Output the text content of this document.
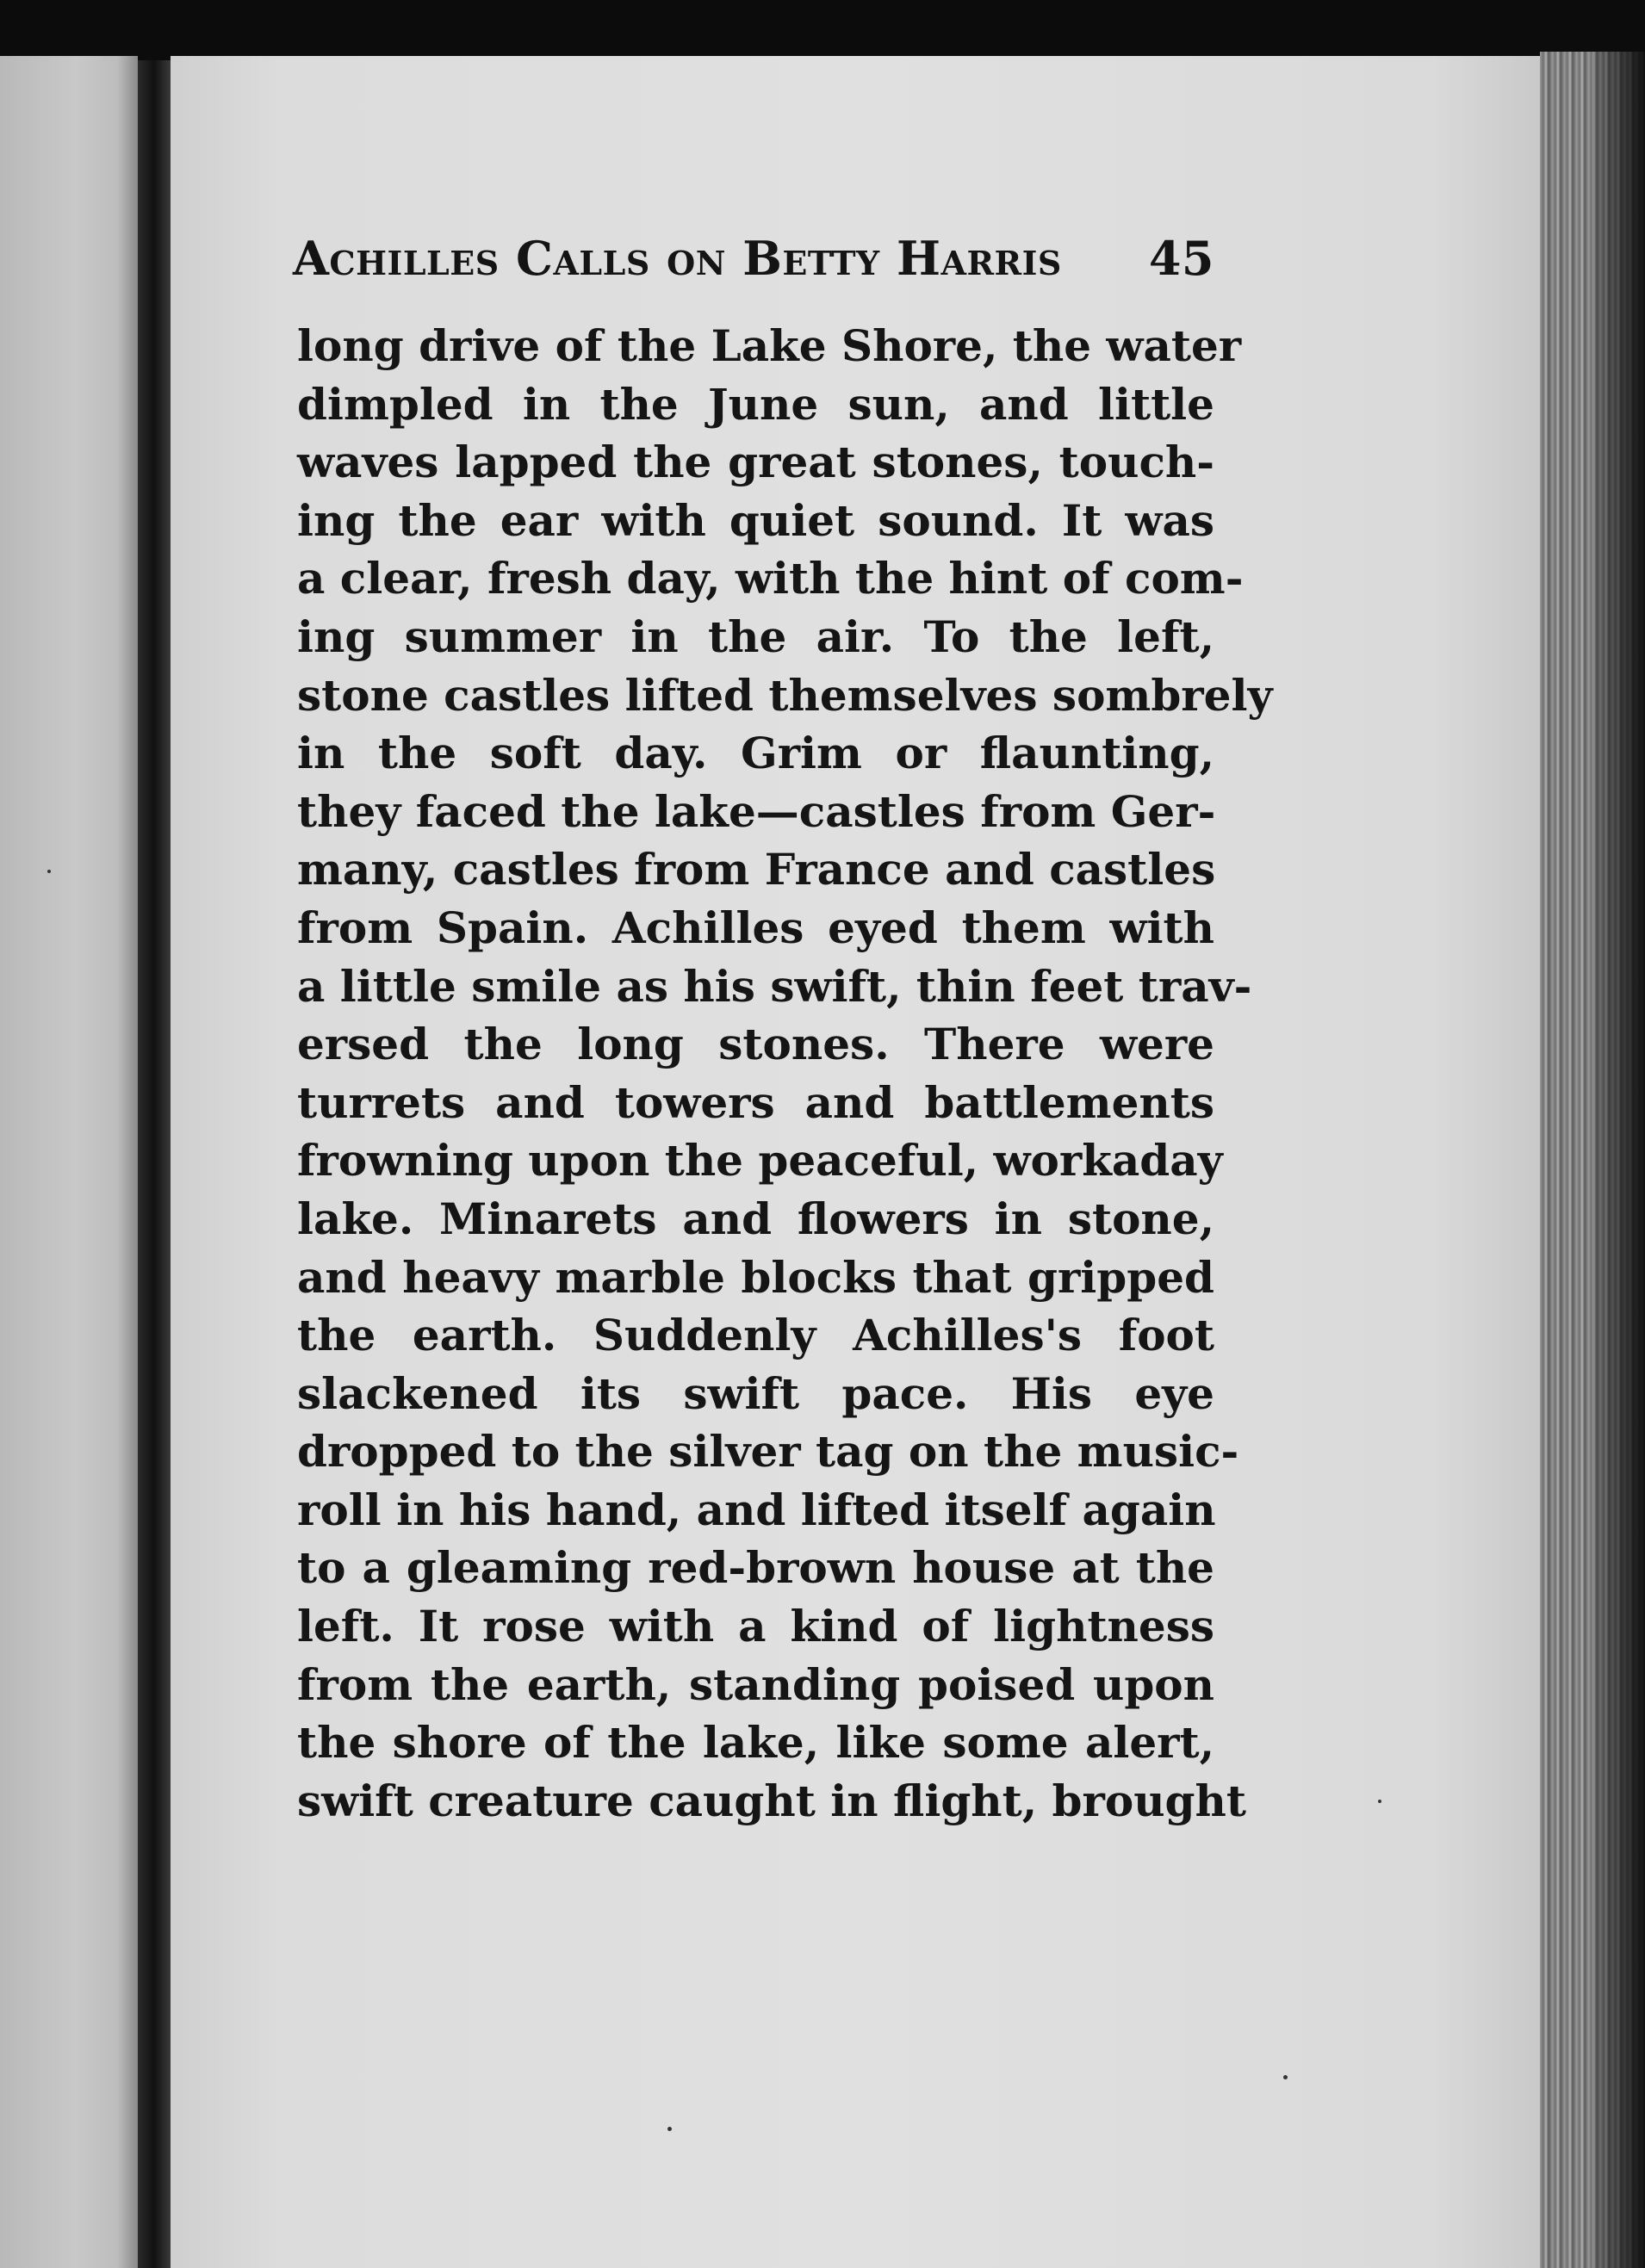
Achilles Calls on Betty Harris 45
long drive of the Lake Shore, the water
dimpled in the June sun, and little
waves lapped the great stones, touch-
ing the ear with quiet sound. It was
a clear, fresh day, with the hint of com-
ing summer in the air. To the left,
stone castles lifted themselves sombrely
in the soft day. Grim or flaunting,
they faced the lake—castles from Ger-
many, castles from France and castles
from Spain. Achilles eyed them with
a little smile as his swift, thin feet trav-
ersed the long stones. There were
turrets and towers and battlements
frowning upon the peaceful, workaday
lake. Minarets and flowers in stone,
and heavy marble blocks that gripped
the earth. Suddenly Achilles's foot
slackened its swift pace. His eye
dropped to the silver tag on the music-
roll in his hand, and lifted itself again
to a gleaming red-brown house at the
left. It rose with a kind of lightness
from the earth, standing poised upon
the shore of the lake, like some alert,
swift creature caught in flight, brought
